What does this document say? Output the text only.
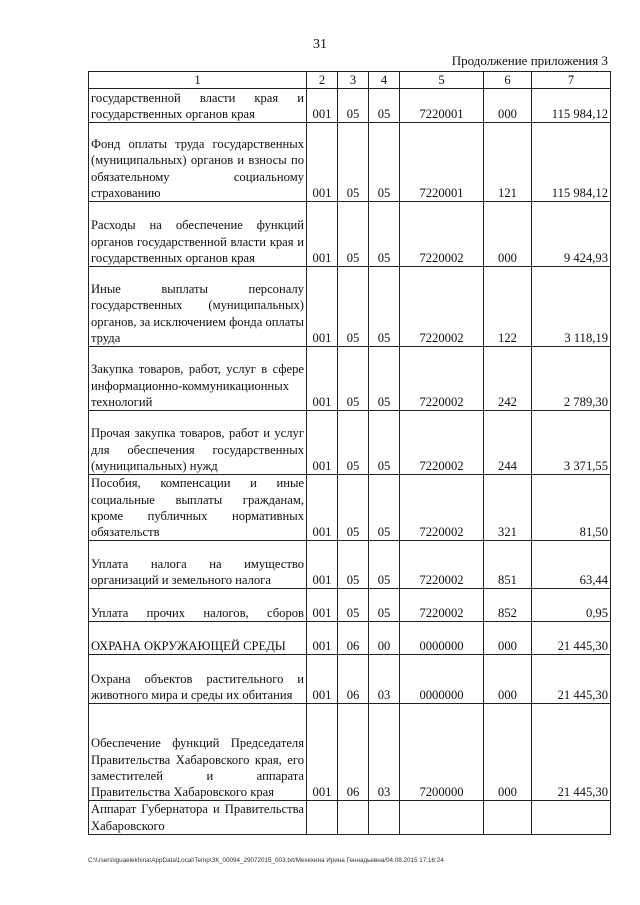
31
Продолжение приложения 3
1	2	3	4	5	6	7
государственной власти края и государственных органов края	001	05	05	7220001	000	115 984,12
Фонд оплаты труда государственных (муниципальных) органов и взносы по обязательному социальному страхованию	001	05	05	7220001	121	115 984,12
Расходы на обеспечение функций органов государственной власти края и государственных органов края	001	05	05	7220002	000	9 424,93
Иные выплаты персоналу государственных (муниципальных) органов, за исключением фонда оплаты труда	001	05	05	7220002	122	3 118,19
Закупка товаров, работ, услуг в сфере информационно-коммуникационных технологий	001	05	05	7220002	242	2 789,30
Прочая закупка товаров, работ и услуг для обеспечения государственных (муниципальных) нужд	001	05	05	7220002	244	3 371,55
Пособия, компенсации и иные социальные выплаты гражданам, кроме публичных нормативных обязательств	001	05	05	7220002	321	81,50
Уплата налога на имущество организаций и земельного налога	001	05	05	7220002	851	63,44
Уплата прочих налогов, сборов	001	05	05	7220002	852	0,95
ОХРАНА ОКРУЖАЮЩЕЙ СРЕДЫ	001	06	00	0000000	000	21 445,30
Охрана объектов растительного и животного мира и среды их обитания	001	06	03	0000000	000	21 445,30
Обеспечение функций Председателя Правительства Хабаровского края, его заместителей и аппарата Правительства Хабаровского края	001	06	03	7200000	000	21 445,30
Аппарат Губернатора и Правительства Хабаровского						
C:\Users\iguaelekhina\AppData\Local\Temp\ЗК_00094_29072015_003.txt/Мехехина Ирина Геннадьевна/04.08.2015 17:16:24
